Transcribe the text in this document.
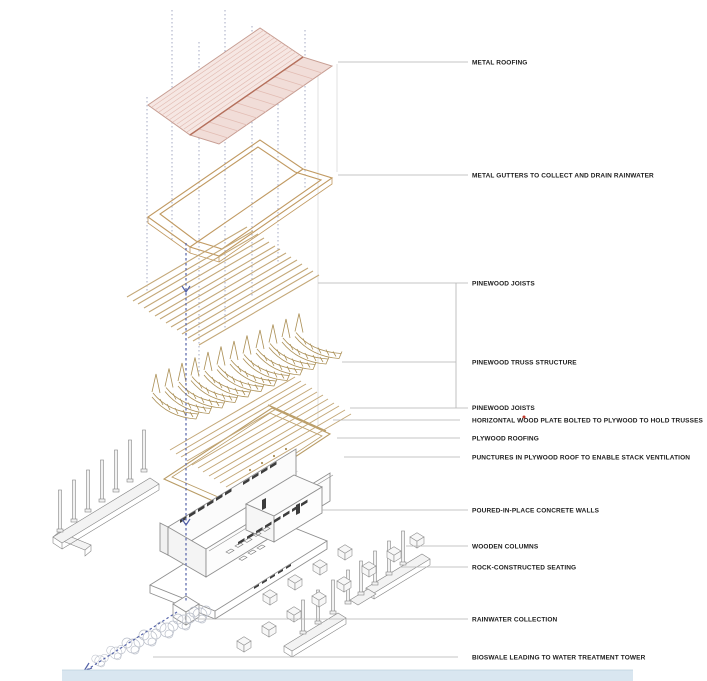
METAL ROOFING
METAL GUTTERS TO COLLECT AND DRAIN RAINWATER
PINEWOOD JOISTS
PINEWOOD TRUSS STRUCTURE
PINEWOOD JOISTS
HORIZONTAL WOOD PLATE BOLTED TO PLYWOOD TO HOLD TRUSSES
PLYWOOD ROOFING
PUNCTURES IN PLYWOOD ROOF TO ENABLE STACK VENTILATION
POURED-IN-PLACE CONCRETE WALLS
WOODEN COLUMNS
ROCK-CONSTRUCTED SEATING
RAINWATER COLLECTION
BIOSWALE LEADING TO WATER TREATMENT TOWER
